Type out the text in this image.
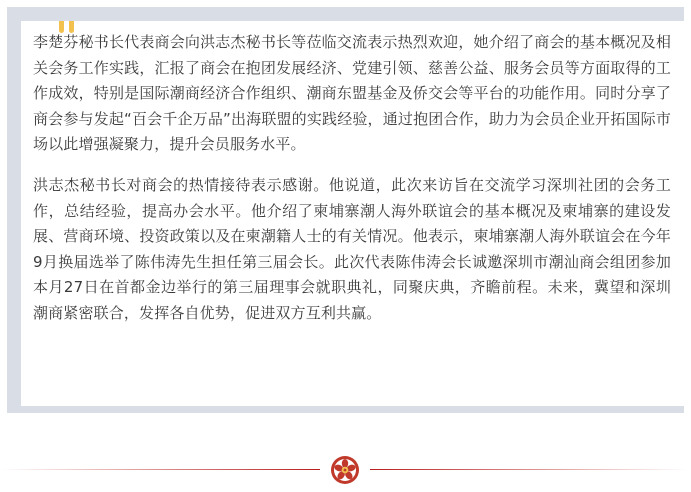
李楚芬秘书长代表商会向洪志杰秘书长等莅临交流表示热烈欢迎，她介绍了商会的基本概况及相关会务工作实践，汇报了商会在抱团发展经济、党建引领、慈善公益、服务会员等方面取得的工作成效，特别是国际潮商经济合作组织、潮商东盟基金及侨交会等平台的功能作用。同时分享了商会参与发起“百会千企万品”出海联盟的实践经验，通过抱团合作，助力为会员企业开拓国际市场以此增强凝聚力，提升会员服务水平。

洪志杰秘书长对商会的热情接待表示感谢。他说道，此次来访旨在交流学习深圳社团的会务工作，总结经验，提高办会水平。他介绍了柬埔寨潮人海外联谊会的基本概况及柬埔寨的建设发展、营商环境、投资政策以及在柬潮籍人士的有关情况。他表示，柬埔寨潮人海外联谊会在今年9月换届选举了陈伟涛先生担任第三届会长。此次代表陈伟涛会长诚邀深圳市潮汕商会组团参加本月27日在首都金边举行的第三届理事会就职典礼，同聚庆典，齐瞻前程。未来，冀望和深圳潮商紧密联合，发挥各自优势，促进双方互利共赢。
